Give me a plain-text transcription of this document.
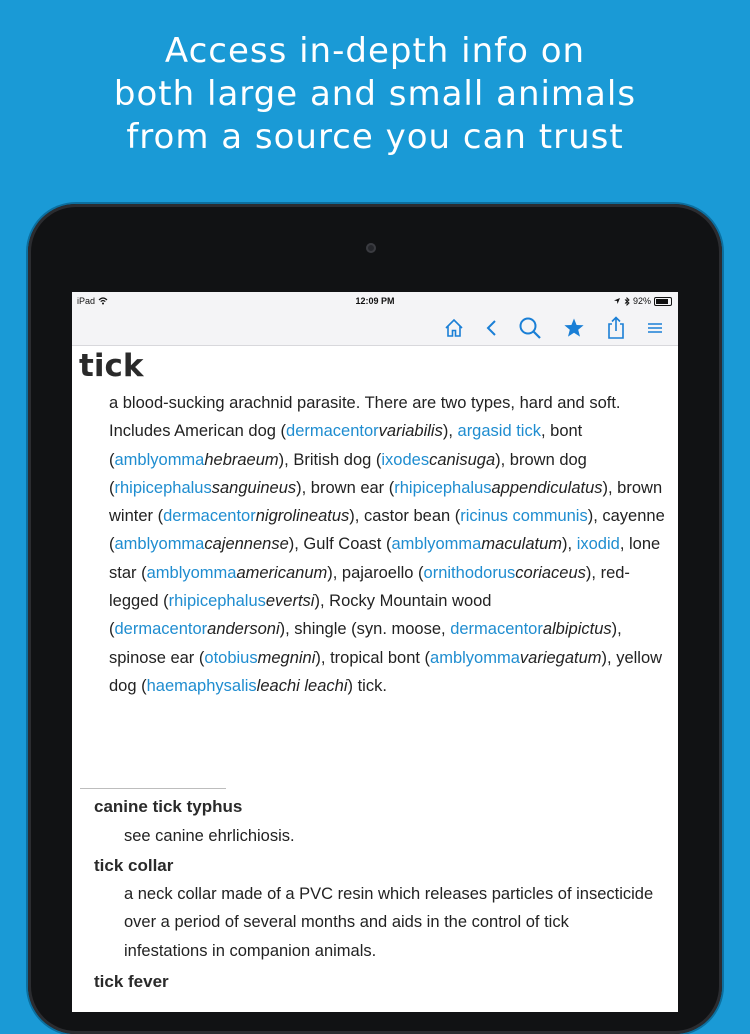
Access in-depth info on
both large and small animals
from a source you can trust
iPad	12:09 PM	92%
tick
a blood-sucking arachnid parasite. There are two types, hard and soft. Includes American dog (dermacentorvariabilis), argasid tick, bont (amblyommahebraeum), British dog (ixodescanisuga), brown dog (rhipicephalussanguineus), brown ear (rhipicephalusappendiculatus), brown winter (dermacentornigrolineatus), castor bean (ricinus communis), cayenne (amblyommacajennense), Gulf Coast (amblyommamaculatum), ixodid, lone star (amblyommaamericanum), pajaroello (ornithodoruscoriaceus), red-legged (rhipicephalusevertsi), Rocky Mountain wood (dermacentorandersoni), shingle (syn. moose, dermacentoralbipictus), spinose ear (otobiusmegnini), tropical bont (amblyommavariegatum), yellow dog (haemaphysalisleachi leachi) tick.
canine tick typhus
see canine ehrlichiosis.
tick collar
a neck collar made of a PVC resin which releases particles of insecticide over a period of several months and aids in the control of tick infestations in companion animals.
tick fever
